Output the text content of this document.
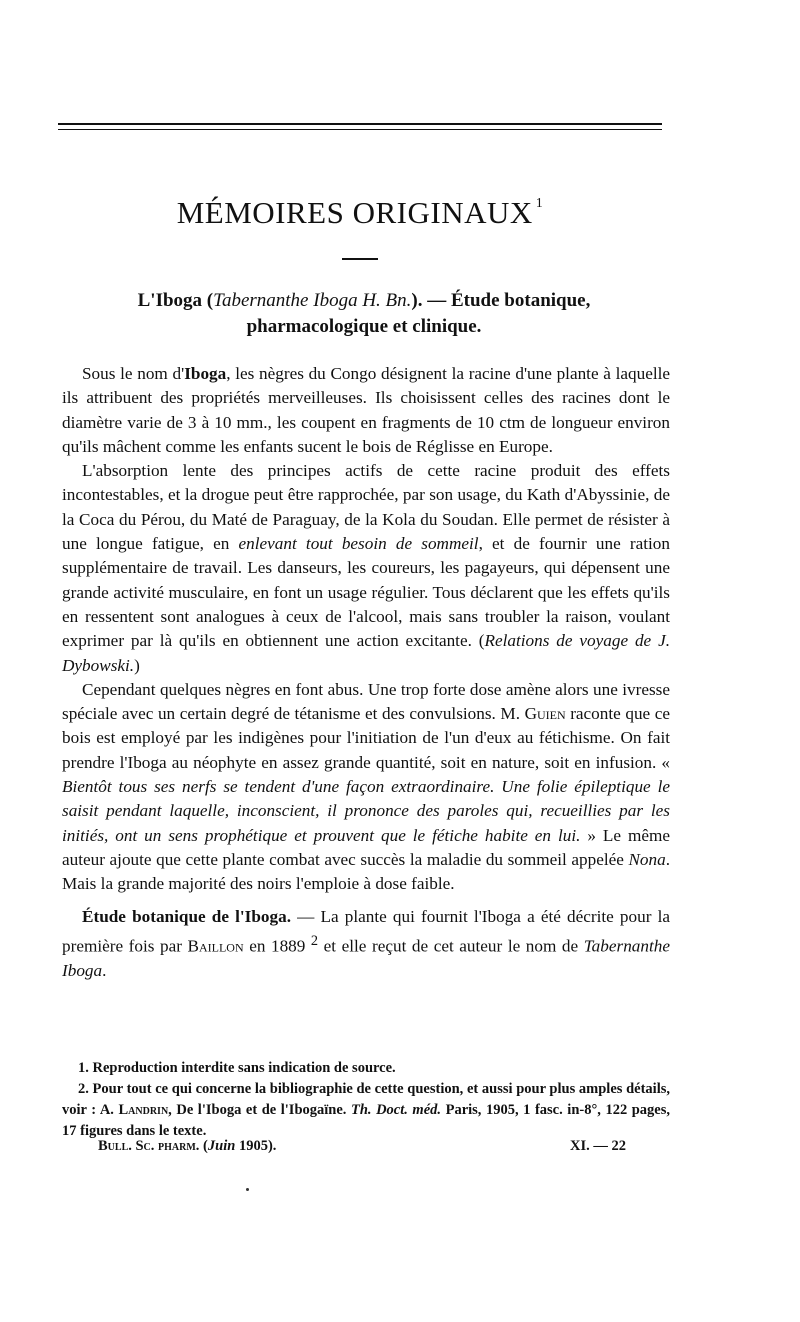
MÉMOIRES ORIGINAUX $^1$
L'Iboga (Tabernanthe Iboga H. Bn.). — Étude botanique,
pharmacologique et clinique.

Sous le nom d'Iboga, les nègres du Congo désignent la racine d'une plante à laquelle ils attribuent des propriétés merveilleuses. Ils choisissent celles des racines dont le diamètre varie de 3 à 10 mm., les coupent en fragments de 10 ctm de longueur environ qu'ils mâchent comme les enfants sucent le bois de Réglisse en Europe.

L'absorption lente des principes actifs de cette racine produit des effets incontestables, et la drogue peut être rapprochée, par son usage, du Kath d'Abyssinie, de la Coca du Pérou, du Maté de Paraguay, de la Kola du Soudan. Elle permet de résister à une longue fatigue, en enlevant tout besoin de sommeil, et de fournir une ration supplémentaire de travail. Les danseurs, les coureurs, les pagayeurs, qui dépensent une grande activité musculaire, en font un usage régulier. Tous déclarent que les effets qu'ils en ressentent sont analogues à ceux de l'alcool, mais sans troubler la raison, voulant exprimer par là qu'ils en obtiennent une action excitante. (Relations de voyage de J. Dybowski.)

Cependant quelques nègres en font abus. Une trop forte dose amène alors une ivresse spéciale avec un certain degré de tétanisme et des convulsions. M. Guien raconte que ce bois est employé par les indigènes pour l'initiation de l'un d'eux au fétichisme. On fait prendre l'Iboga au néophyte en assez grande quantité, soit en nature, soit en infusion. « Bientôt tous ses nerfs se tendent d'une façon extraordinaire. Une folie épileptique le saisit pendant laquelle, inconscient, il prononce des paroles qui, recueillies par les initiés, ont un sens prophétique et prouvent que le fétiche habite en lui. » Le même auteur ajoute que cette plante combat avec succès la maladie du sommeil appelée Nona. Mais la grande majorité des noirs l'emploie à dose faible.

Étude botanique de l'Iboga. — La plante qui fournit l'Iboga a été décrite pour la première fois par Baillon en 1889 $^2$ et elle reçut de cet auteur le nom de Tabernanthe Iboga.

1. Reproduction interdite sans indication de source.

2. Pour tout ce qui concerne la bibliographie de cette question, et aussi pour plus amples détails, voir : A. Landrin, De l'Iboga et de l'Ibogaïne. Th. Doct. méd. Paris, 1905, 1 fasc. in-8°, 122 pages, 17 figures dans le texte.

Bull. Sc. pharm. (Juin 1905).	XI. — 22
